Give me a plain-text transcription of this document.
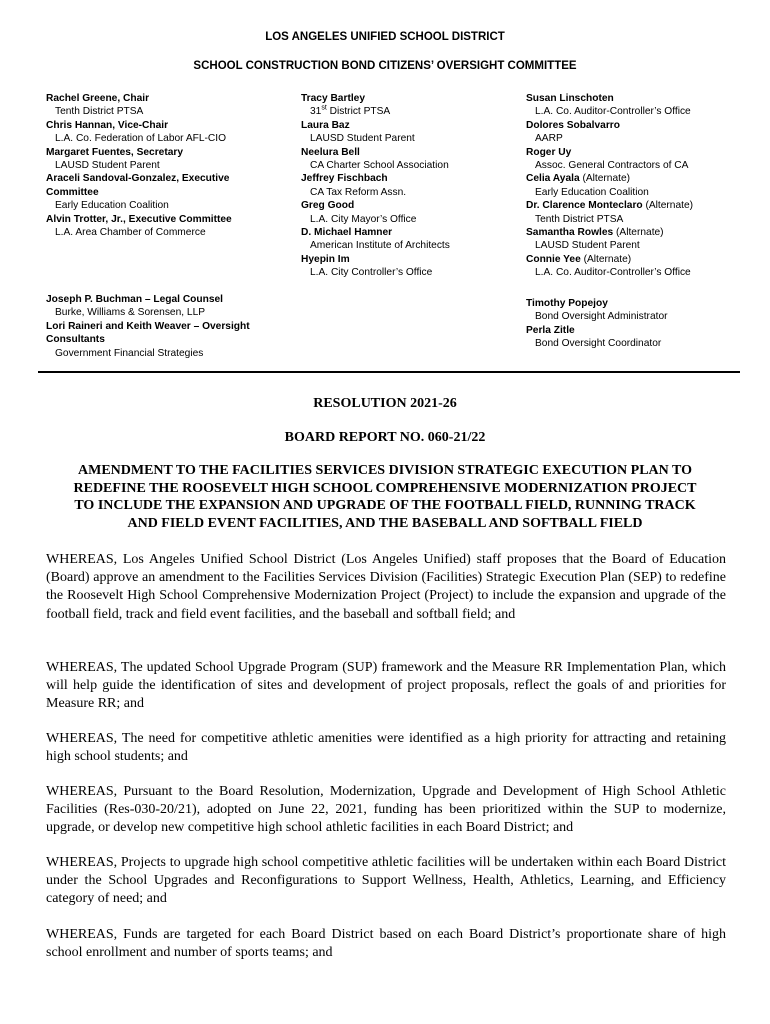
LOS ANGELES UNIFIED SCHOOL DISTRICT
SCHOOL CONSTRUCTION BOND CITIZENS’ OVERSIGHT COMMITTEE
Rachel Greene, Chair
Tenth District PTSA
Chris Hannan, Vice-Chair
L.A. Co. Federation of Labor AFL-CIO
Margaret Fuentes, Secretary
LAUSD Student Parent
Araceli Sandoval-Gonzalez, Executive
Committee
Early Education Coalition
Alvin Trotter, Jr., Executive Committee
L.A. Area Chamber of Commerce
Tracy Bartley
31st District PTSA
Laura Baz
LAUSD Student Parent
Neelura Bell
CA Charter School Association
Jeffrey Fischbach
CA Tax Reform Assn.
Greg Good
L.A. City Mayor’s Office
D. Michael Hamner
American Institute of Architects
Hyepin Im
L.A. City Controller’s Office
Susan Linschoten
L.A. Co. Auditor-Controller’s Office
Dolores Sobalvarro
AARP
Roger Uy
Assoc. General Contractors of CA
Celia Ayala (Alternate)
Early Education Coalition
Dr. Clarence Monteclaro (Alternate)
Tenth District PTSA
Samantha Rowles (Alternate)
LAUSD Student Parent
Connie Yee (Alternate)
L.A. Co. Auditor-Controller’s Office
Joseph P. Buchman – Legal Counsel
Burke, Williams & Sorensen, LLP
Lori Raineri and Keith Weaver – Oversight
Consultants
Government Financial Strategies
Timothy Popejoy
Bond Oversight Administrator
Perla Zitle
Bond Oversight Coordinator
RESOLUTION 2021-26
BOARD REPORT NO. 060-21/22
AMENDMENT TO THE FACILITIES SERVICES DIVISION STRATEGIC EXECUTION PLAN TO
REDEFINE THE ROOSEVELT HIGH SCHOOL COMPREHENSIVE MODERNIZATION PROJECT
TO INCLUDE THE EXPANSION AND UPGRADE OF THE FOOTBALL FIELD, RUNNING TRACK
AND FIELD EVENT FACILITIES, AND THE BASEBALL AND SOFTBALL FIELD
WHEREAS, Los Angeles Unified School District (Los Angeles Unified) staff proposes that the Board of Education (Board) approve an amendment to the Facilities Services Division (Facilities) Strategic Execution Plan (SEP) to redefine the Roosevelt High School Comprehensive Modernization Project (Project) to include the expansion and upgrade of the football field, track and field event facilities, and the baseball and softball field; and
WHEREAS, The updated School Upgrade Program (SUP) framework and the Measure RR Implementation Plan, which will help guide the identification of sites and development of project proposals, reflect the goals of and priorities for Measure RR; and
WHEREAS, The need for competitive athletic amenities were identified as a high priority for attracting and retaining high school students; and
WHEREAS, Pursuant to the Board Resolution, Modernization, Upgrade and Development of High School Athletic Facilities (Res-030-20/21), adopted on June 22, 2021, funding has been prioritized within the SUP to modernize, upgrade, or develop new competitive high school athletic facilities in each Board District; and
WHEREAS, Projects to upgrade high school competitive athletic facilities will be undertaken within each Board District under the School Upgrades and Reconfigurations to Support Wellness, Health, Athletics, Learning, and Efficiency category of need; and
WHEREAS, Funds are targeted for each Board District based on each Board District’s proportionate share of high school enrollment and number of sports teams; and
